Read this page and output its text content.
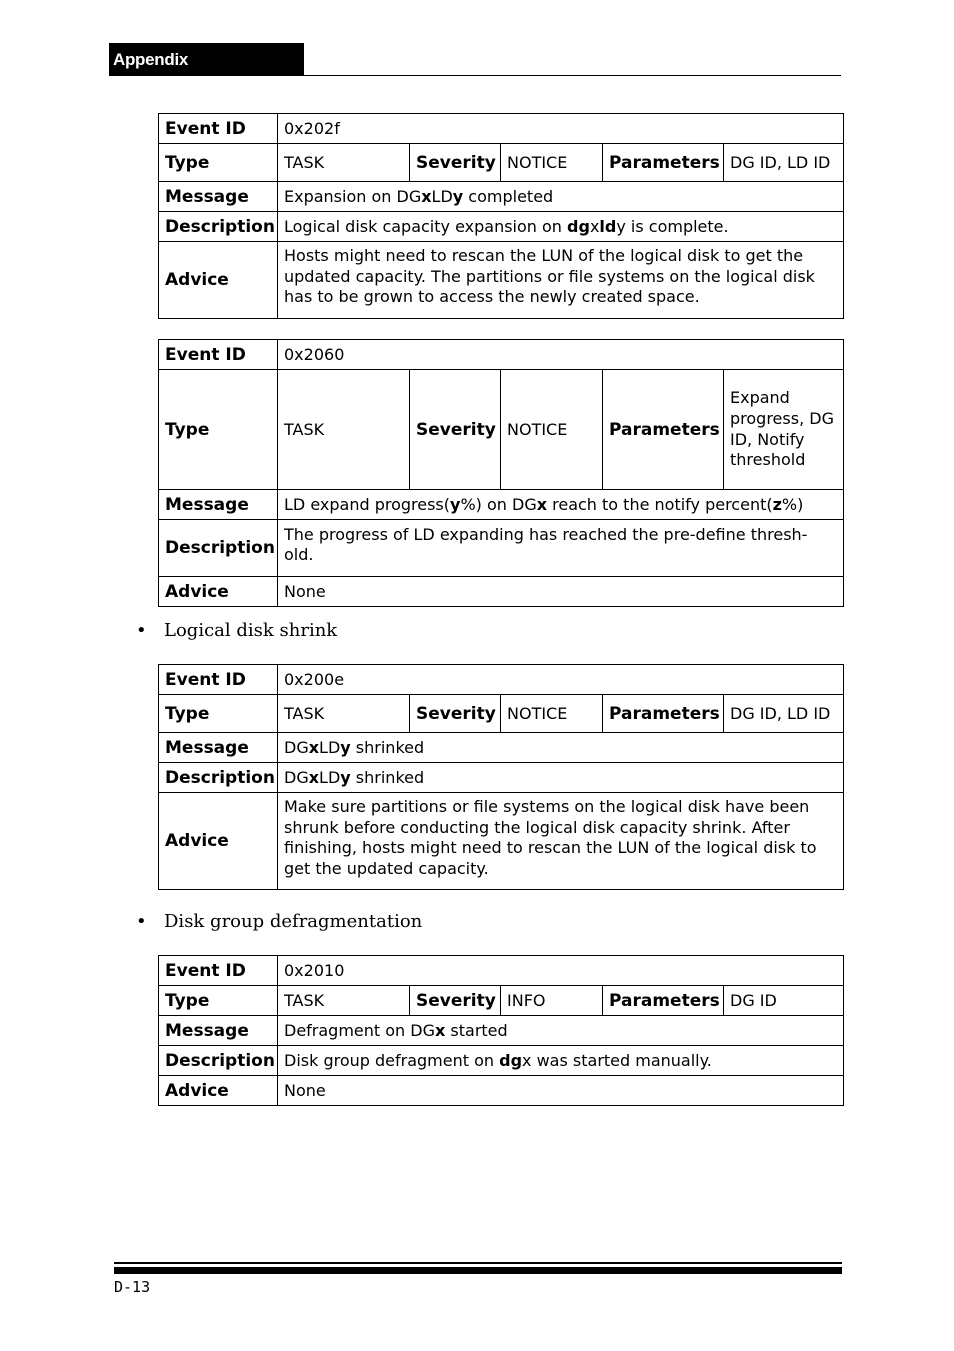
Appendix
Event ID	0x202f				
Type	TASK	Severity	NOTICE	Parameters	DG ID, LD ID
Message	Expansion on DGxLDy completed				
Description	Logical disk capacity expansion on dgxldy is complete.				
Advice	Hosts might need to rescan the LUN of the logical disk to get the updated capacity. The partitions or file systems on the logical disk has to be grown to access the newly created space.				
Event ID	0x2060				
Type	TASK	Severity	NOTICE	Parameters	Expand progress, DG ID, Notify threshold
Message	LD expand progress(y%) on DGx reach to the notify percent(z%)				
Description	The progress of LD expanding has reached the pre-define thresh- old.				
Advice	None				
• Logical disk shrink
Event ID	0x200e				
Type	TASK	Severity	NOTICE	Parameters	DG ID, LD ID
Message	DGxLDy shrinked				
Description	DGxLDy shrinked				
Advice	Make sure partitions or file systems on the logical disk have been shrunk before conducting the logical disk capacity shrink. After finishing, hosts might need to rescan the LUN of the logical disk to get the updated capacity.				
• Disk group defragmentation
Event ID	0x2010				
Type	TASK	Severity	INFO	Parameters	DG ID
Message	Defragment on DGx started				
Description	Disk group defragment on dgx was started manually.				
Advice	None				
D-13
